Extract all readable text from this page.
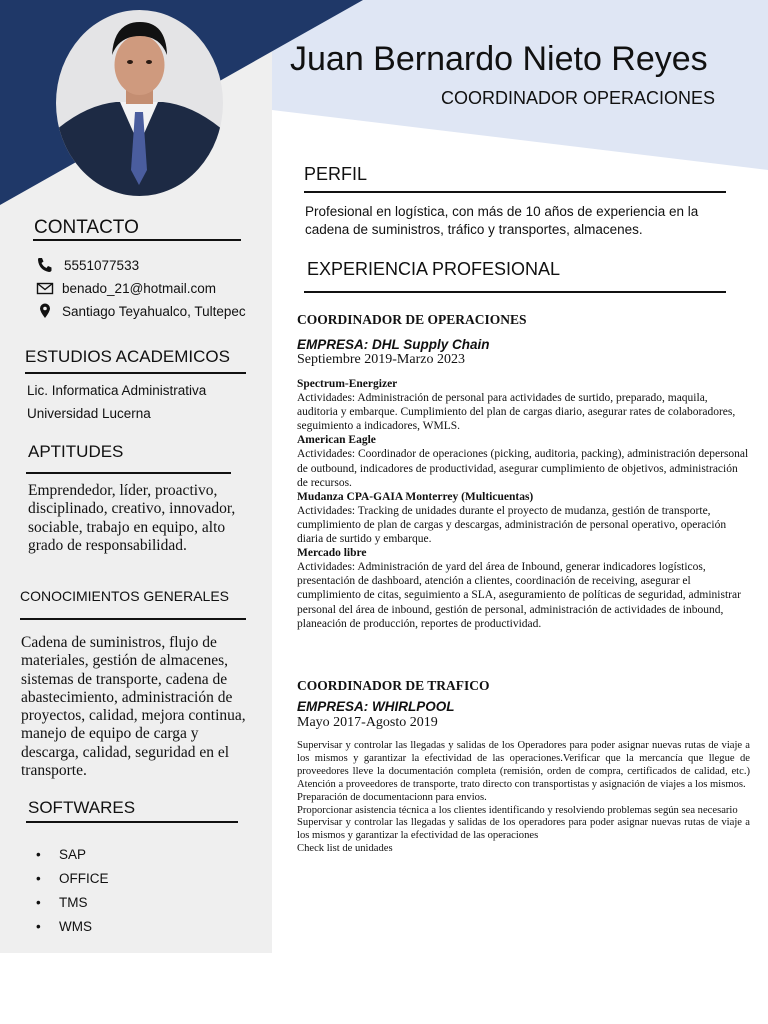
Juan Bernardo Nieto Reyes
COORDINADOR OPERACIONES
CONTACTO
5551077533
benado_21@hotmail.com
Santiago Teyahualco, Tultepec
ESTUDIOS ACADEMICOS
Lic. Informatica Administrativa
Universidad Lucerna
APTITUDES
Emprendedor, líder, proactivo, disciplinado, creativo, innovador, sociable, trabajo en equipo, alto grado de responsabilidad.
CONOCIMIENTOS GENERALES
Cadena de suministros, flujo de materiales, gestión de almacenes, sistemas de transporte, cadena de abastecimiento, administración de proyectos, calidad, mejora continua, manejo de equipo de carga y descarga, calidad, seguridad en el transporte.
SOFTWARES
• SAP
• OFFICE
• TMS
• WMS
PERFIL
Profesional en logística, con más de 10 años de experiencia en la cadena de suministros, tráfico y transportes, almacenes.
EXPERIENCIA PROFESIONAL
COORDINADOR DE OPERACIONES
EMPRESA: DHL Supply Chain
Septiembre 2019-Marzo 2023
Spectrum-Energizer
Actividades: Administración de personal para actividades de surtido, preparado, maquila, auditoria y embarque. Cumplimiento del plan de cargas diario, asegurar rates de colaboradores, seguimiento a indicadores, WMLS.
American Eagle
Actividades: Coordinador de operaciones (picking, auditoria, packing), administración depersonal de outbound, indicadores de productividad, asegurar cumplimiento de objetivos, administración de recursos.
Mudanza CPA-GAIA Monterrey (Multicuentas)
Actividades: Tracking de unidades durante el proyecto de mudanza, gestión de transporte, cumplimiento de plan de cargas y descargas, administración de personal operativo, operación diaria de surtido y embarque.
Mercado libre
Actividades: Administración de yard del área de Inbound, generar indicadores logísticos, presentación de dashboard, atención a clientes, coordinación de receiving, asegurar el cumplimiento de citas, seguimiento a SLA, aseguramiento de políticas de seguridad, administrar personal del área de inbound, gestión de personal, administración de actividades de inbound, planeación de producción, reportes de productividad.
COORDINADOR DE TRAFICO
EMPRESA: WHIRLPOOL
Mayo 2017-Agosto 2019
Supervisar y controlar las llegadas y salidas de los Operadores para poder asignar nuevas rutas de viaje a los mismos y garantizar la efectividad de las operaciones.Verificar que la mercancía que llegue de proveedores lleve la documentación completa (remisión, orden de compra, certificados de calidad, etc.) Atención a proveedores de transporte, trato directo con transportistas y asignación de viajes a los mismos.
Preparación de documentacionn para envios.
Proporcionar asistencia técnica a los clientes identificando y resolviendo problemas según sea necesario
Supervisar y controlar las llegadas y salidas de los operadores para poder asignar nuevas rutas de viaje a los mismos y garantizar la efectividad de las operaciones
Check list de unidades
